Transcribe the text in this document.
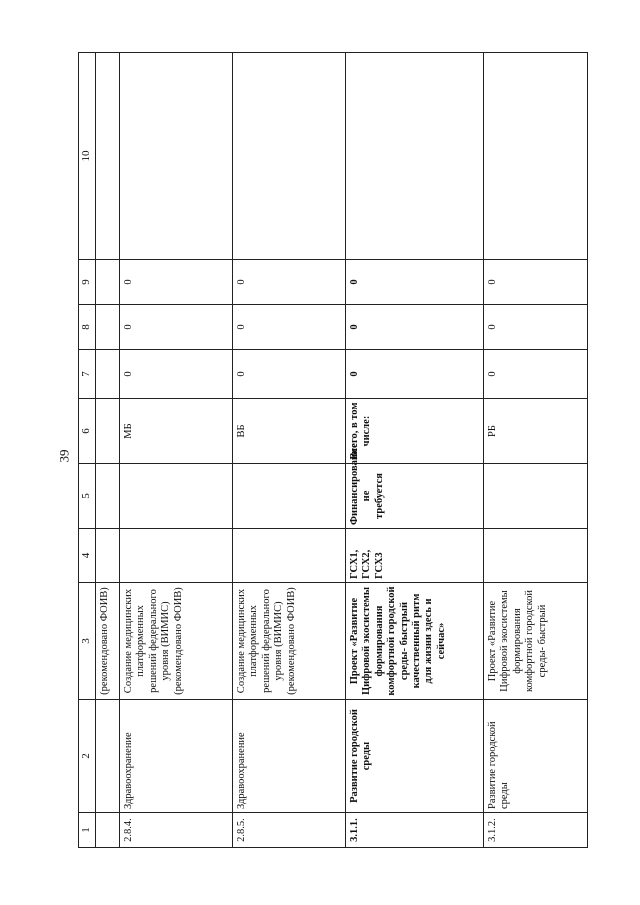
39
1	2	3	4	5	6	7	8	9	10
		(рекомендовано ФОИВ)							
2.8.4.	Здравоохранение	Создание медицинских платформенных решений федерального уровня (ВИМИС) (рекомендовано ФОИВ)			МБ	0	0	0	
2.8.5.	Здравоохранение	Создание медицинских платформенных решений федерального уровня (ВИМИС) (рекомендовано ФОИВ)			ВБ	0	0	0	
3.1.1.	Развитие городской среды	Проект «Развитие Цифровой экосистемы формирования комфортной городской среды- быстрый качественный ритм для жизни здесь и сейчас»	ГСХ1, ГСХ2, ГСХ3	Финансирование не требуется	Всего, в том числе:	0	0	0	
3.1.2.	Развитие городской среды	Проект «Развитие Цифровой экосистемы формирования комфортной городской среды- быстрый			РБ	0	0	0	
